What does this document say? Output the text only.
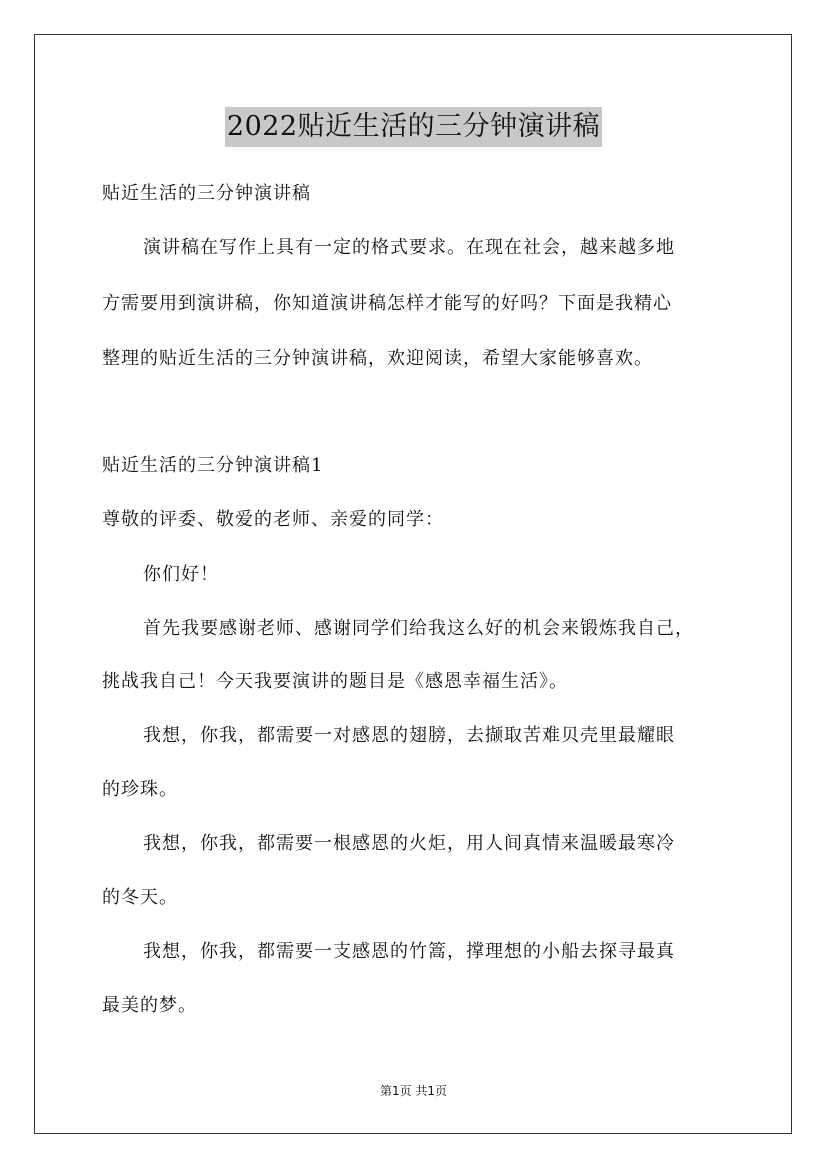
2022贴近生活的三分钟演讲稿
贴近生活的三分钟演讲稿
演讲稿在写作上具有一定的格式要求。在现在社会，越来越多地
方需要用到演讲稿，你知道演讲稿怎样才能写的好吗？下面是我精心
整理的贴近生活的三分钟演讲稿，欢迎阅读，希望大家能够喜欢。
贴近生活的三分钟演讲稿1
尊敬的评委、敬爱的老师、亲爱的同学：
你们好！
首先我要感谢老师、感谢同学们给我这么好的机会来锻炼我自己，
挑战我自己！今天我要演讲的题目是《感恩幸福生活》。
我想，你我，都需要一对感恩的翅膀，去撷取苦难贝壳里最耀眼
的珍珠。
我想，你我，都需要一根感恩的火炬，用人间真情来温暖最寒冷
的冬天。
我想，你我，都需要一支感恩的竹篙，撑理想的小船去探寻最真
最美的梦。
第1页 共1页
